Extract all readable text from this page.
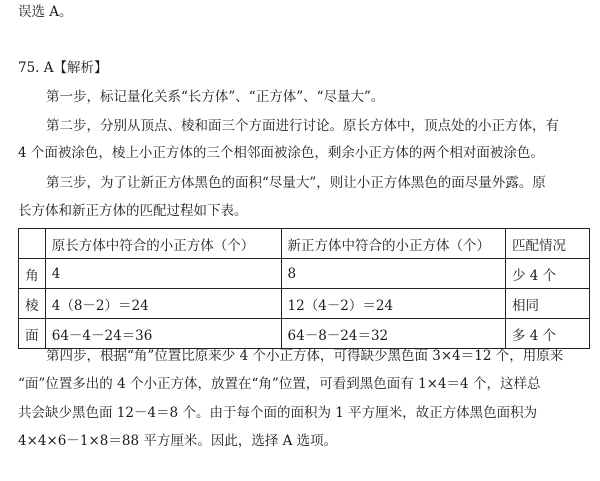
误选 A。
75. A【解析】
第一步，标记量化关系“长方体”、“正方体”、“尽量大”。
第二步，分别从顶点、棱和面三个方面进行讨论。原长方体中，顶点处的小正方体，有
4 个面被涂色，棱上小正方体的三个相邻面被涂色，剩余小正方体的两个相对面被涂色。
第三步，为了让新正方体黑色的面积“尽量大”，则让小正方体黑色的面尽量外露。原
长方体和新正方体的匹配过程如下表。
	原长方体中符合的小正方体（个）	新正方体中符合的小正方体（个）	匹配情况
角	4	8	少 4 个
棱	4（8－2）＝24	12（4－2）＝24	相同
面	64－4－24＝36	64－8－24＝32	多 4 个
第四步，根据“角”位置比原来少 4 个小正方体，可得缺少黑色面 3×4＝12 个，用原来
“面”位置多出的 4 个小正方体，放置在“角”位置，可看到黑色面有 1×4＝4 个，这样总
共会缺少黑色面 12－4＝8 个。由于每个面的面积为 1 平方厘米，故正方体黑色面积为
4×4×6－1×8＝88 平方厘米。因此，选择 A 选项。
